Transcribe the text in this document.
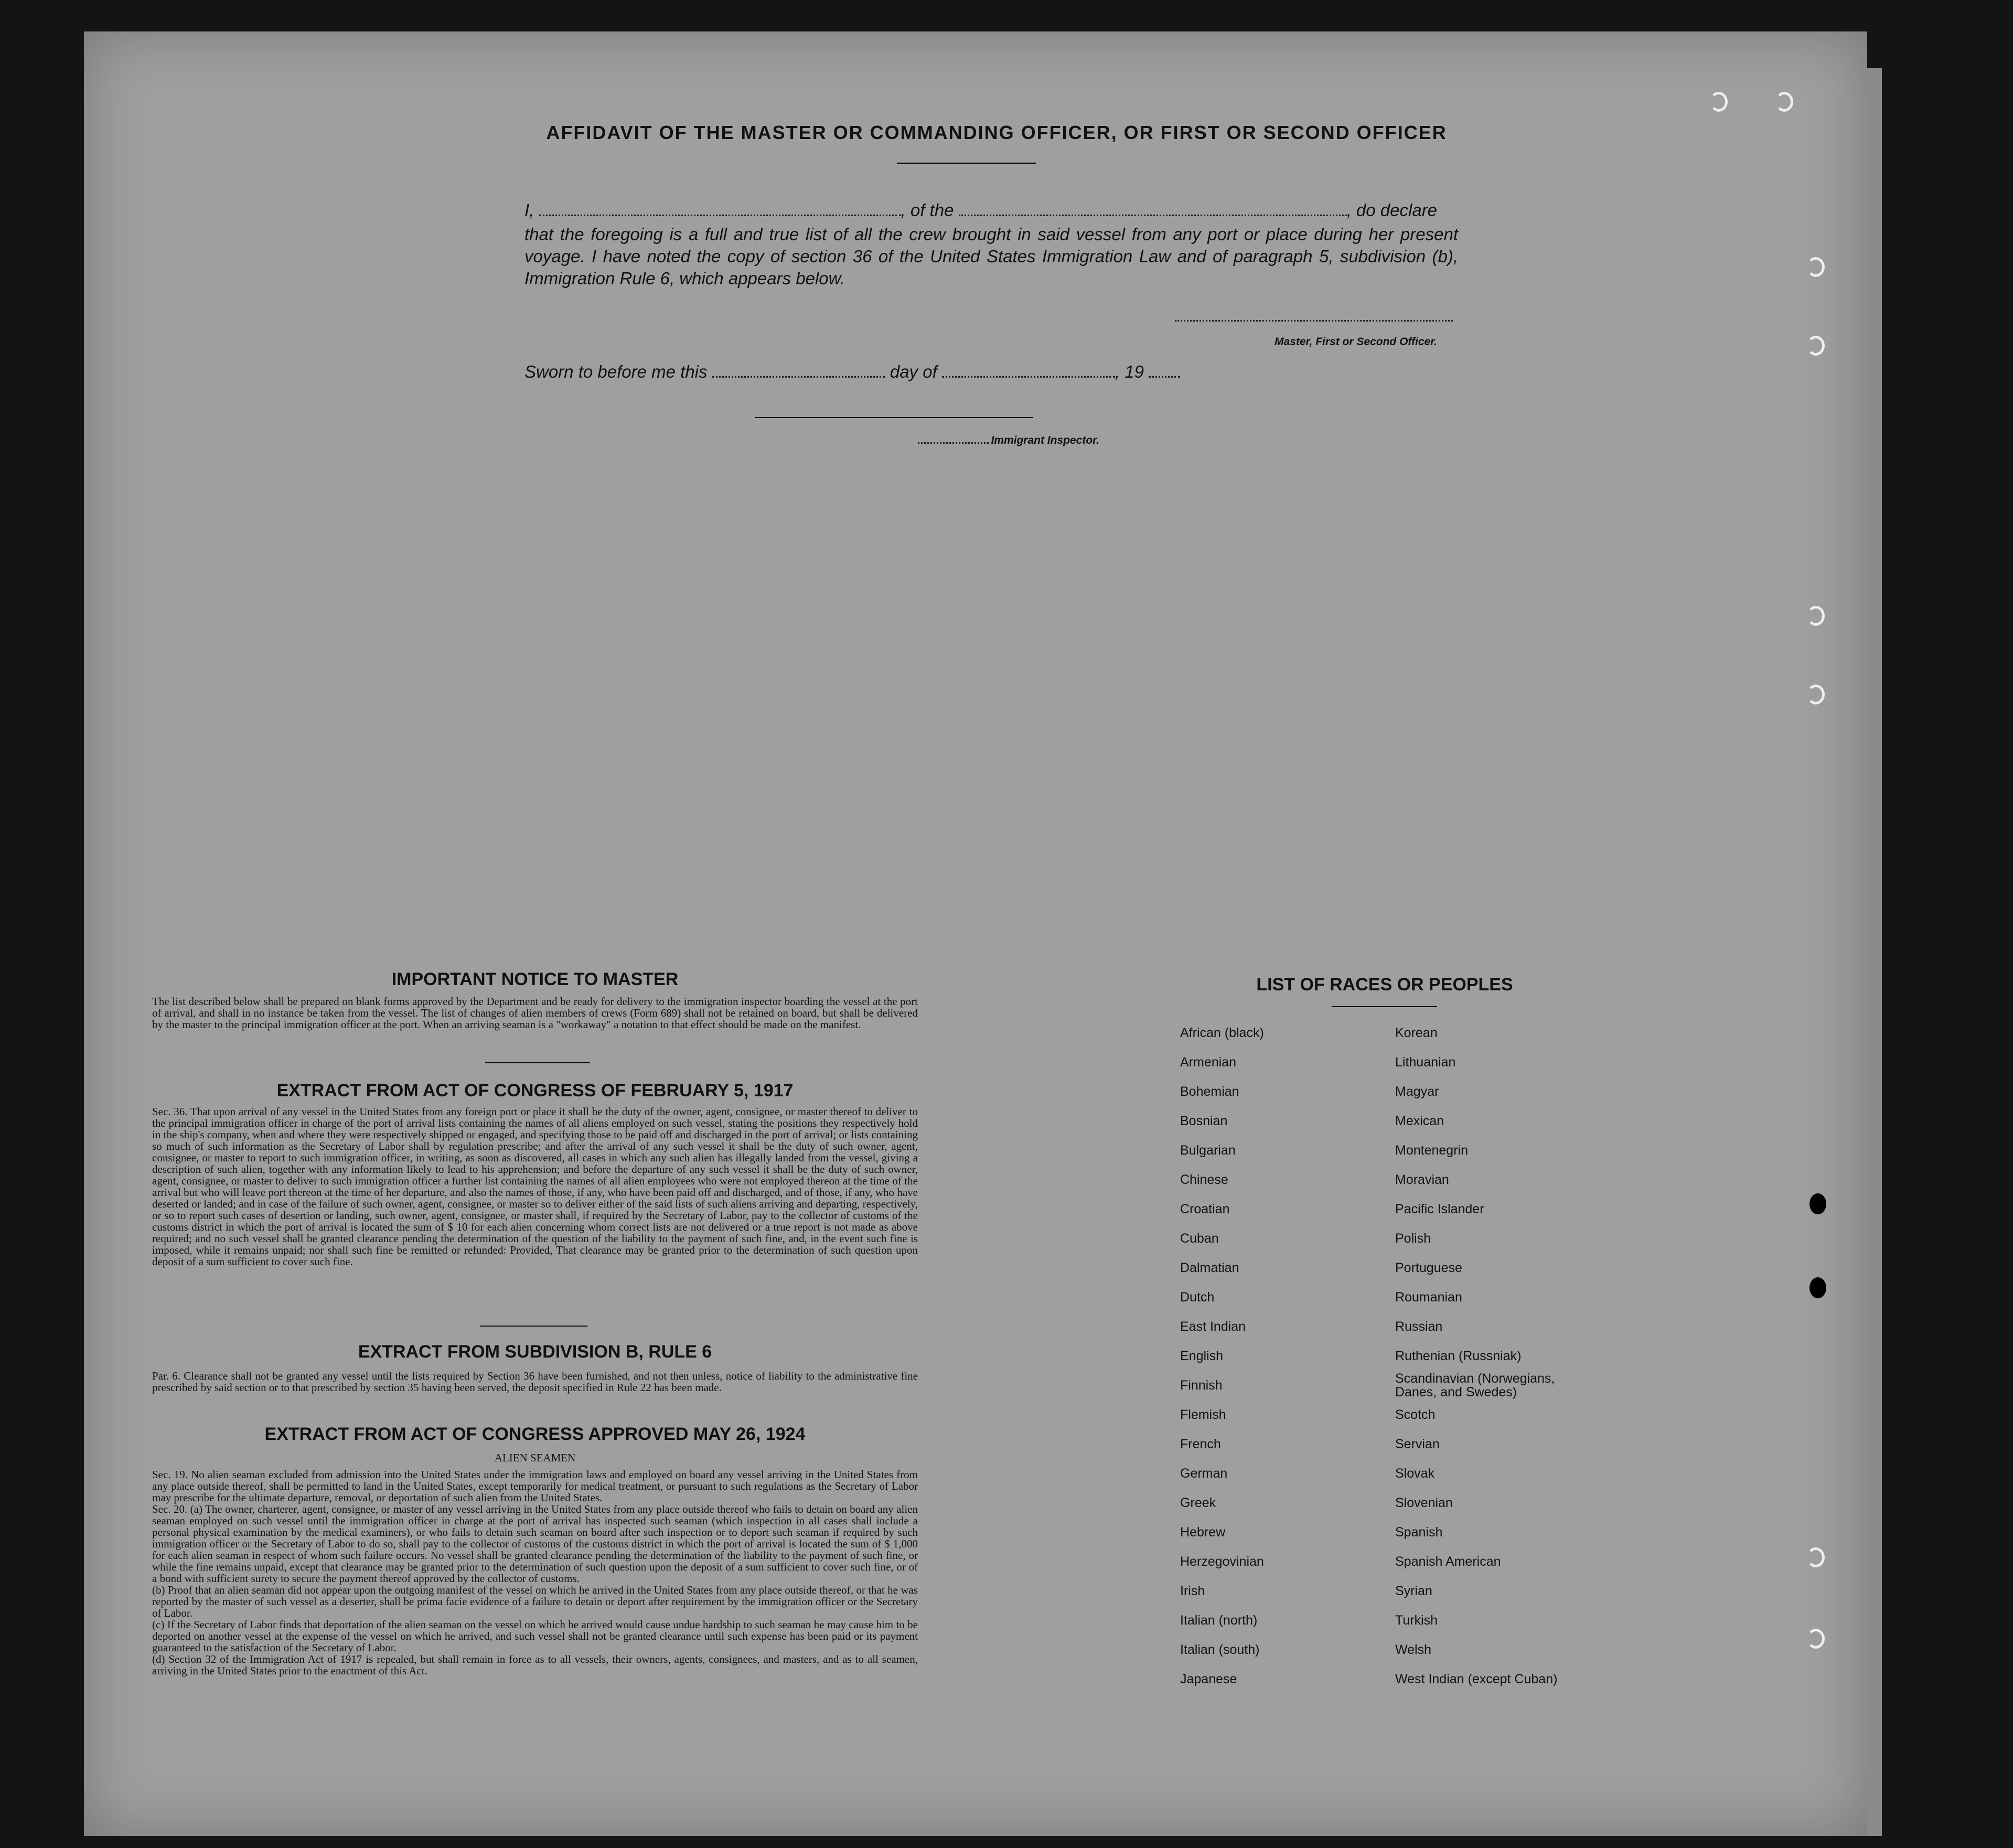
AFFIDAVIT OF THE MASTER OR COMMANDING OFFICER, OR FIRST OR SECOND OFFICER
I,	, of the	, do declare
that the foregoing is a full and true list of all the crew brought in said vessel from any port or place during her present voyage. I have noted the copy of section 36 of the United States Immigration Law and of paragraph 5, subdivision (b), Immigration Rule 6, which appears below.
Master, First or Second Officer.
Sworn to before me this	day of	, 19
Immigrant Inspector.
IMPORTANT NOTICE TO MASTER
The list described below shall be prepared on blank forms approved by the Department and be ready for delivery to the immigration inspector boarding the vessel at the port of arrival, and shall in no instance be taken from the vessel. The list of changes of alien members of crews (Form 689) shall not be retained on board, but shall be delivered by the master to the principal immigration officer at the port. When an arriving seaman is a "workaway" a notation to that effect should be made on the manifest.
EXTRACT FROM ACT OF CONGRESS OF FEBRUARY 5, 1917
Sec. 36. That upon arrival of any vessel in the United States from any foreign port or place it shall be the duty of the owner, agent, consignee, or master thereof to deliver to the principal immigration officer in charge of the port of arrival lists containing the names of all aliens employed on such vessel, stating the positions they respectively hold in the ship's company, when and where they were respectively shipped or engaged, and specifying those to be paid off and discharged in the port of arrival; or lists containing so much of such information as the Secretary of Labor shall by regulation prescribe; and after the arrival of any such vessel it shall be the duty of such owner, agent, consignee, or master to report to such immigration officer, in writing, as soon as discovered, all cases in which any such alien has illegally landed from the vessel, giving a description of such alien, together with any information likely to lead to his apprehension; and before the departure of any such vessel it shall be the duty of such owner, agent, consignee, or master to deliver to such immigration officer a further list containing the names of all alien employees who were not employed thereon at the time of the arrival but who will leave port thereon at the time of her departure, and also the names of those, if any, who have been paid off and discharged, and of those, if any, who have deserted or landed; and in case of the failure of such owner, agent, consignee, or master so to deliver either of the said lists of such aliens arriving and departing, respectively, or so to report such cases of desertion or landing, such owner, agent, consignee, or master shall, if required by the Secretary of Labor, pay to the collector of customs of the customs district in which the port of arrival is located the sum of $ 10 for each alien concerning whom correct lists are not delivered or a true report is not made as above required; and no such vessel shall be granted clearance pending the determination of the question of the liability to the payment of such fine, and, in the event such fine is imposed, while it remains unpaid; nor shall such fine be remitted or refunded: Provided, That clearance may be granted prior to the determination of such question upon deposit of a sum sufficient to cover such fine.
EXTRACT FROM SUBDIVISION B, RULE 6
Par. 6. Clearance shall not be granted any vessel until the lists required by Section 36 have been furnished, and not then unless, notice of liability to the administrative fine prescribed by said section or to that prescribed by section 35 having been served, the deposit specified in Rule 22 has been made.
EXTRACT FROM ACT OF CONGRESS APPROVED MAY 26, 1924
ALIEN SEAMEN
Sec. 19. No alien seaman excluded from admission into the United States under the immigration laws and employed on board any vessel arriving in the United States from any place outside thereof, shall be permitted to land in the United States, except temporarily for medical treatment, or pursuant to such regulations as the Secretary of Labor may prescribe for the ultimate departure, removal, or deportation of such alien from the United States.
Sec. 20. (a) The owner, charterer, agent, consignee, or master of any vessel arriving in the United States from any place outside thereof who fails to detain on board any alien seaman employed on such vessel until the immigration officer in charge at the port of arrival has inspected such seaman (which inspection in all cases shall include a personal physical examination by the medical examiners), or who fails to detain such seaman on board after such inspection or to deport such seaman if required by such immigration officer or the Secretary of Labor to do so, shall pay to the collector of customs of the customs district in which the port of arrival is located the sum of $ 1,000 for each alien seaman in respect of whom such failure occurs. No vessel shall be granted clearance pending the determination of the liability to the payment of such fine, or while the fine remains unpaid, except that clearance may be granted prior to the determination of such question upon the deposit of a sum sufficient to cover such fine, or of a bond with sufficient surety to secure the payment thereof approved by the collector of customs.
(b) Proof that an alien seaman did not appear upon the outgoing manifest of the vessel on which he arrived in the United States from any place outside thereof, or that he was reported by the master of such vessel as a deserter, shall be prima facie evidence of a failure to detain or deport after requirement by the immigration officer or the Secretary of Labor.
(c) If the Secretary of Labor finds that deportation of the alien seaman on the vessel on which he arrived would cause undue hardship to such seaman he may cause him to be deported on another vessel at the expense of the vessel on which he arrived, and such vessel shall not be granted clearance until such expense has been paid or its payment guaranteed to the satisfaction of the Secretary of Labor.
(d) Section 32 of the Immigration Act of 1917 is repealed, but shall remain in force as to all vessels, their owners, agents, consignees, and masters, and as to all seamen, arriving in the United States prior to the enactment of this Act.
LIST OF RACES OR PEOPLES
African (black)
Armenian
Bohemian
Bosnian
Bulgarian
Chinese
Croatian
Cuban
Dalmatian
Dutch
East Indian
English
Finnish
Flemish
French
German
Greek
Hebrew
Herzegovinian
Irish
Italian (north)
Italian (south)
Japanese
Korean
Lithuanian
Magyar
Mexican
Montenegrin
Moravian
Pacific Islander
Polish
Portuguese
Roumanian
Russian
Ruthenian (Russniak)
Scandinavian (Norwegians, Danes, and Swedes)
Scotch
Servian
Slovak
Slovenian
Spanish
Spanish American
Syrian
Turkish
Welsh
West Indian (except Cuban)
